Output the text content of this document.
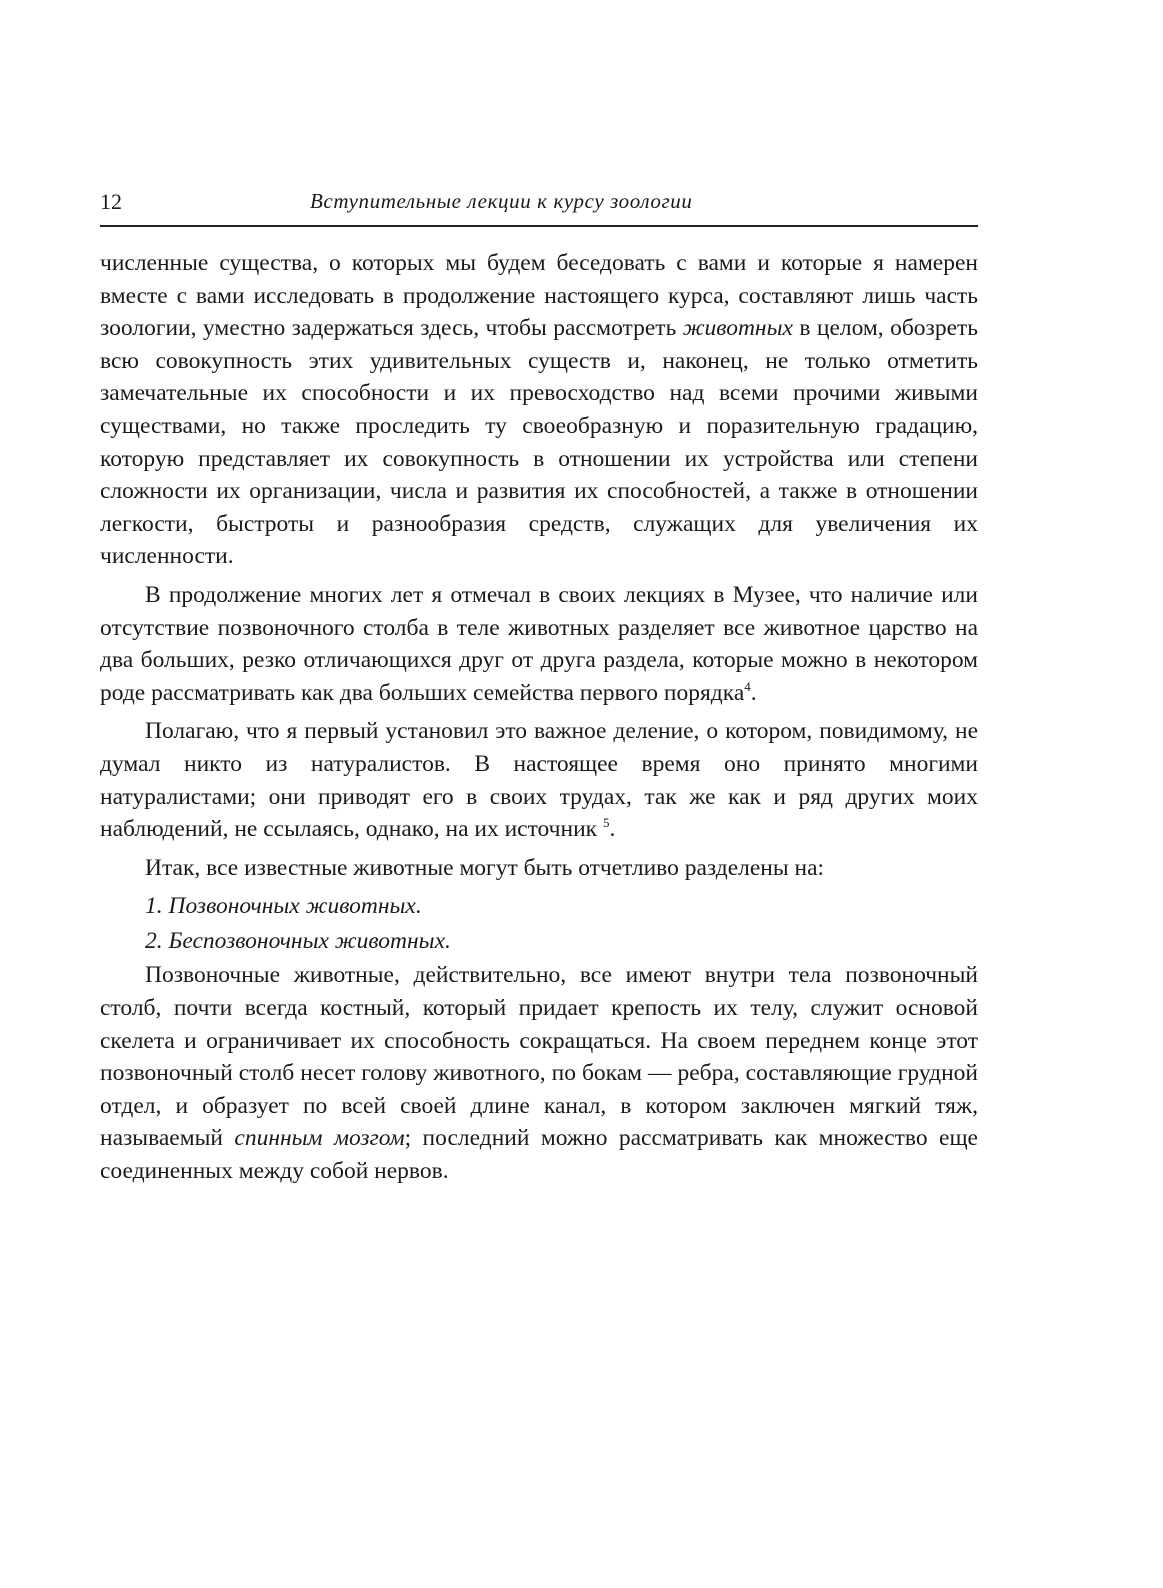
12	Вступительные лекции к курсу зоологии

численные существа, о которых мы будем беседовать с вами и которые я намерен вместе с вами исследовать в продолжение настоящего курса, составляют лишь часть зоологии, уместно задержаться здесь, чтобы рассмотреть животных в целом, обозреть всю совокупность этих удивительных существ и, наконец, не только отметить замечательные их способности и их превосходство над всеми прочими живыми существами, но также проследить ту своеобразную и поразительную градацию, которую представляет их совокупность в отношении их устройства или степени сложности их организации, числа и развития их способностей, а также в отношении легкости, быстроты и разнообразия средств, служащих для увеличения их численности.

В продолжение многих лет я отмечал в своих лекциях в Музее, что наличие или отсутствие позвоночного столба в теле животных разделяет все животное царство на два больших, резко отличающихся друг от друга раздела, которые можно в некотором роде рассматривать как два больших семейства первого порядка$^4$.

Полагаю, что я первый установил это важное деление, о котором, повидимому, не думал никто из натуралистов. В настоящее время оно принято многими натуралистами; они приводят его в своих трудах, так же как и ряд других моих наблюдений, не ссылаясь, однако, на их источник $^5$.

Итак, все известные животные могут быть отчетливо разделены на:

1. Позвоночных животных.

2. Беспозвоночных животных.

Позвоночные животные, действительно, все имеют внутри тела позвоночный столб, почти всегда костный, который придает крепость их телу, служит основой скелета и ограничивает их способность сокращаться. На своем переднем конце этот позвоночный столб несет голову животного, по бокам — ребра, составляющие грудной отдел, и образует по всей своей длине канал, в котором заключен мягкий тяж, называемый спинным мозгом; последний можно рассматривать как множество еще соединенных между собой нервов.
